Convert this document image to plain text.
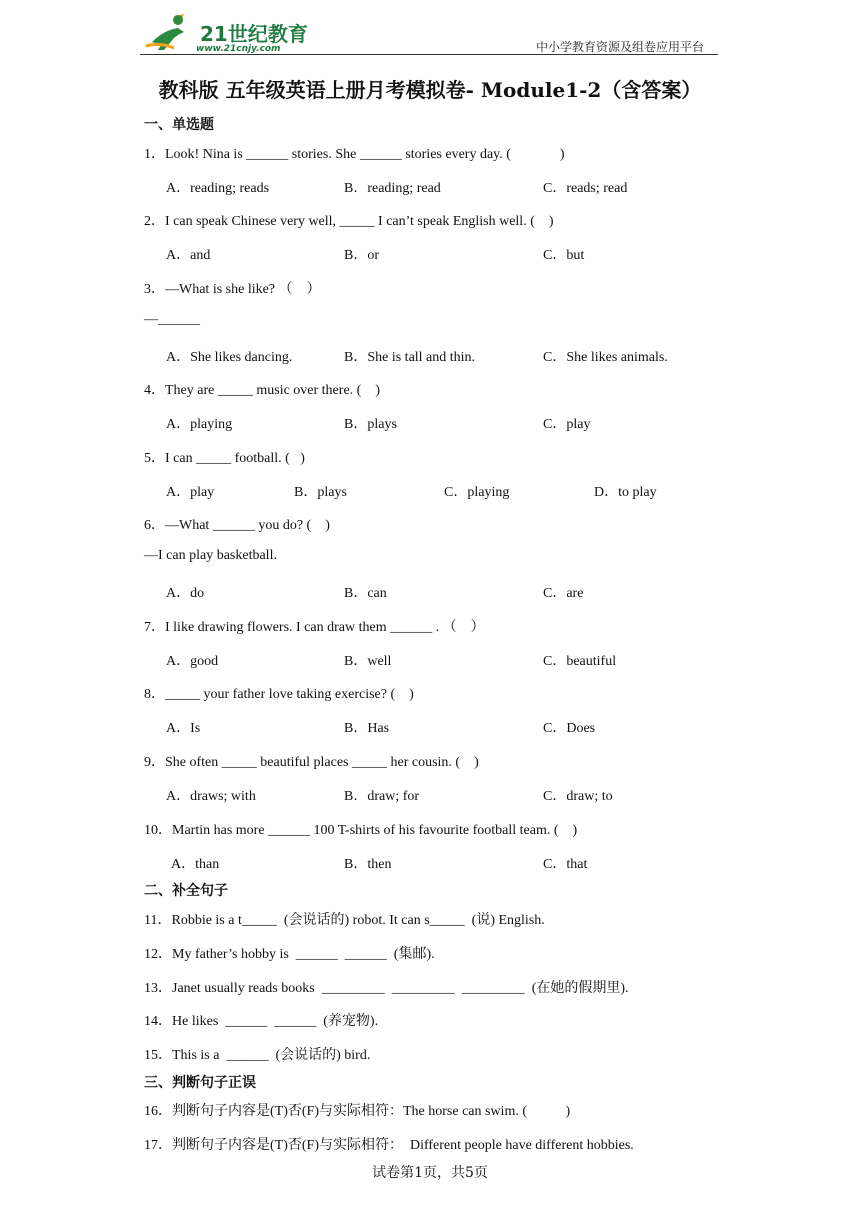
21世纪教育
www.21cnjy.com	中小学教育资源及组卷应用平台
教科版 五年级英语上册月考模拟卷- Module1-2（含答案）
一、单选题
1．Look! Nina is ______ stories. She ______ stories every day. (              )
A．reading; reads	B．reading; read	C．reads; read
2．I can speak Chinese very well, _____ I can’t speak English well. (    )
A．and	B．or	C．but
3．—What is she like? （    ）
—______
A．She likes dancing.	B．She is tall and thin.	C．She likes animals.
4．They are _____ music over there. (    )
A．playing	B．plays	C．play
5．I can _____ football. (   )
A．play	B．plays	C．playing	D．to play
6．—What ______ you do? (    )
—I can play basketball.
A．do	B．can	C．are
7．I like drawing flowers. I can draw them ______ . （    ）
A．good	B．well	C．beautiful
8．_____ your father love taking exercise? (    )
A．Is	B．Has	C．Does
9．She often _____ beautiful places _____ her cousin. (    )
A．draws; with	B．draw; for	C．draw; to
10．Martin has more ______ 100 T-shirts of his favourite football team. (    )
A．than	B．then	C．that
二、补全句子
11．Robbie is a t_____  (会说话的) robot. It can s_____  (说) English.
12．My father’s hobby is  ______  ______  (集邮).
13．Janet usually reads books  _________  _________  _________  (在她的假期里).
14．He likes  ______  ______  (养宠物).
15．This is a  ______  (会说话的) bird.
三、判断句子正误
16．判断句子内容是(T)否(F)与实际相符：The horse can swim. (           )
17．判断句子内容是(T)否(F)与实际相符：  Different people have different hobbies.
试卷第1页，共5页
